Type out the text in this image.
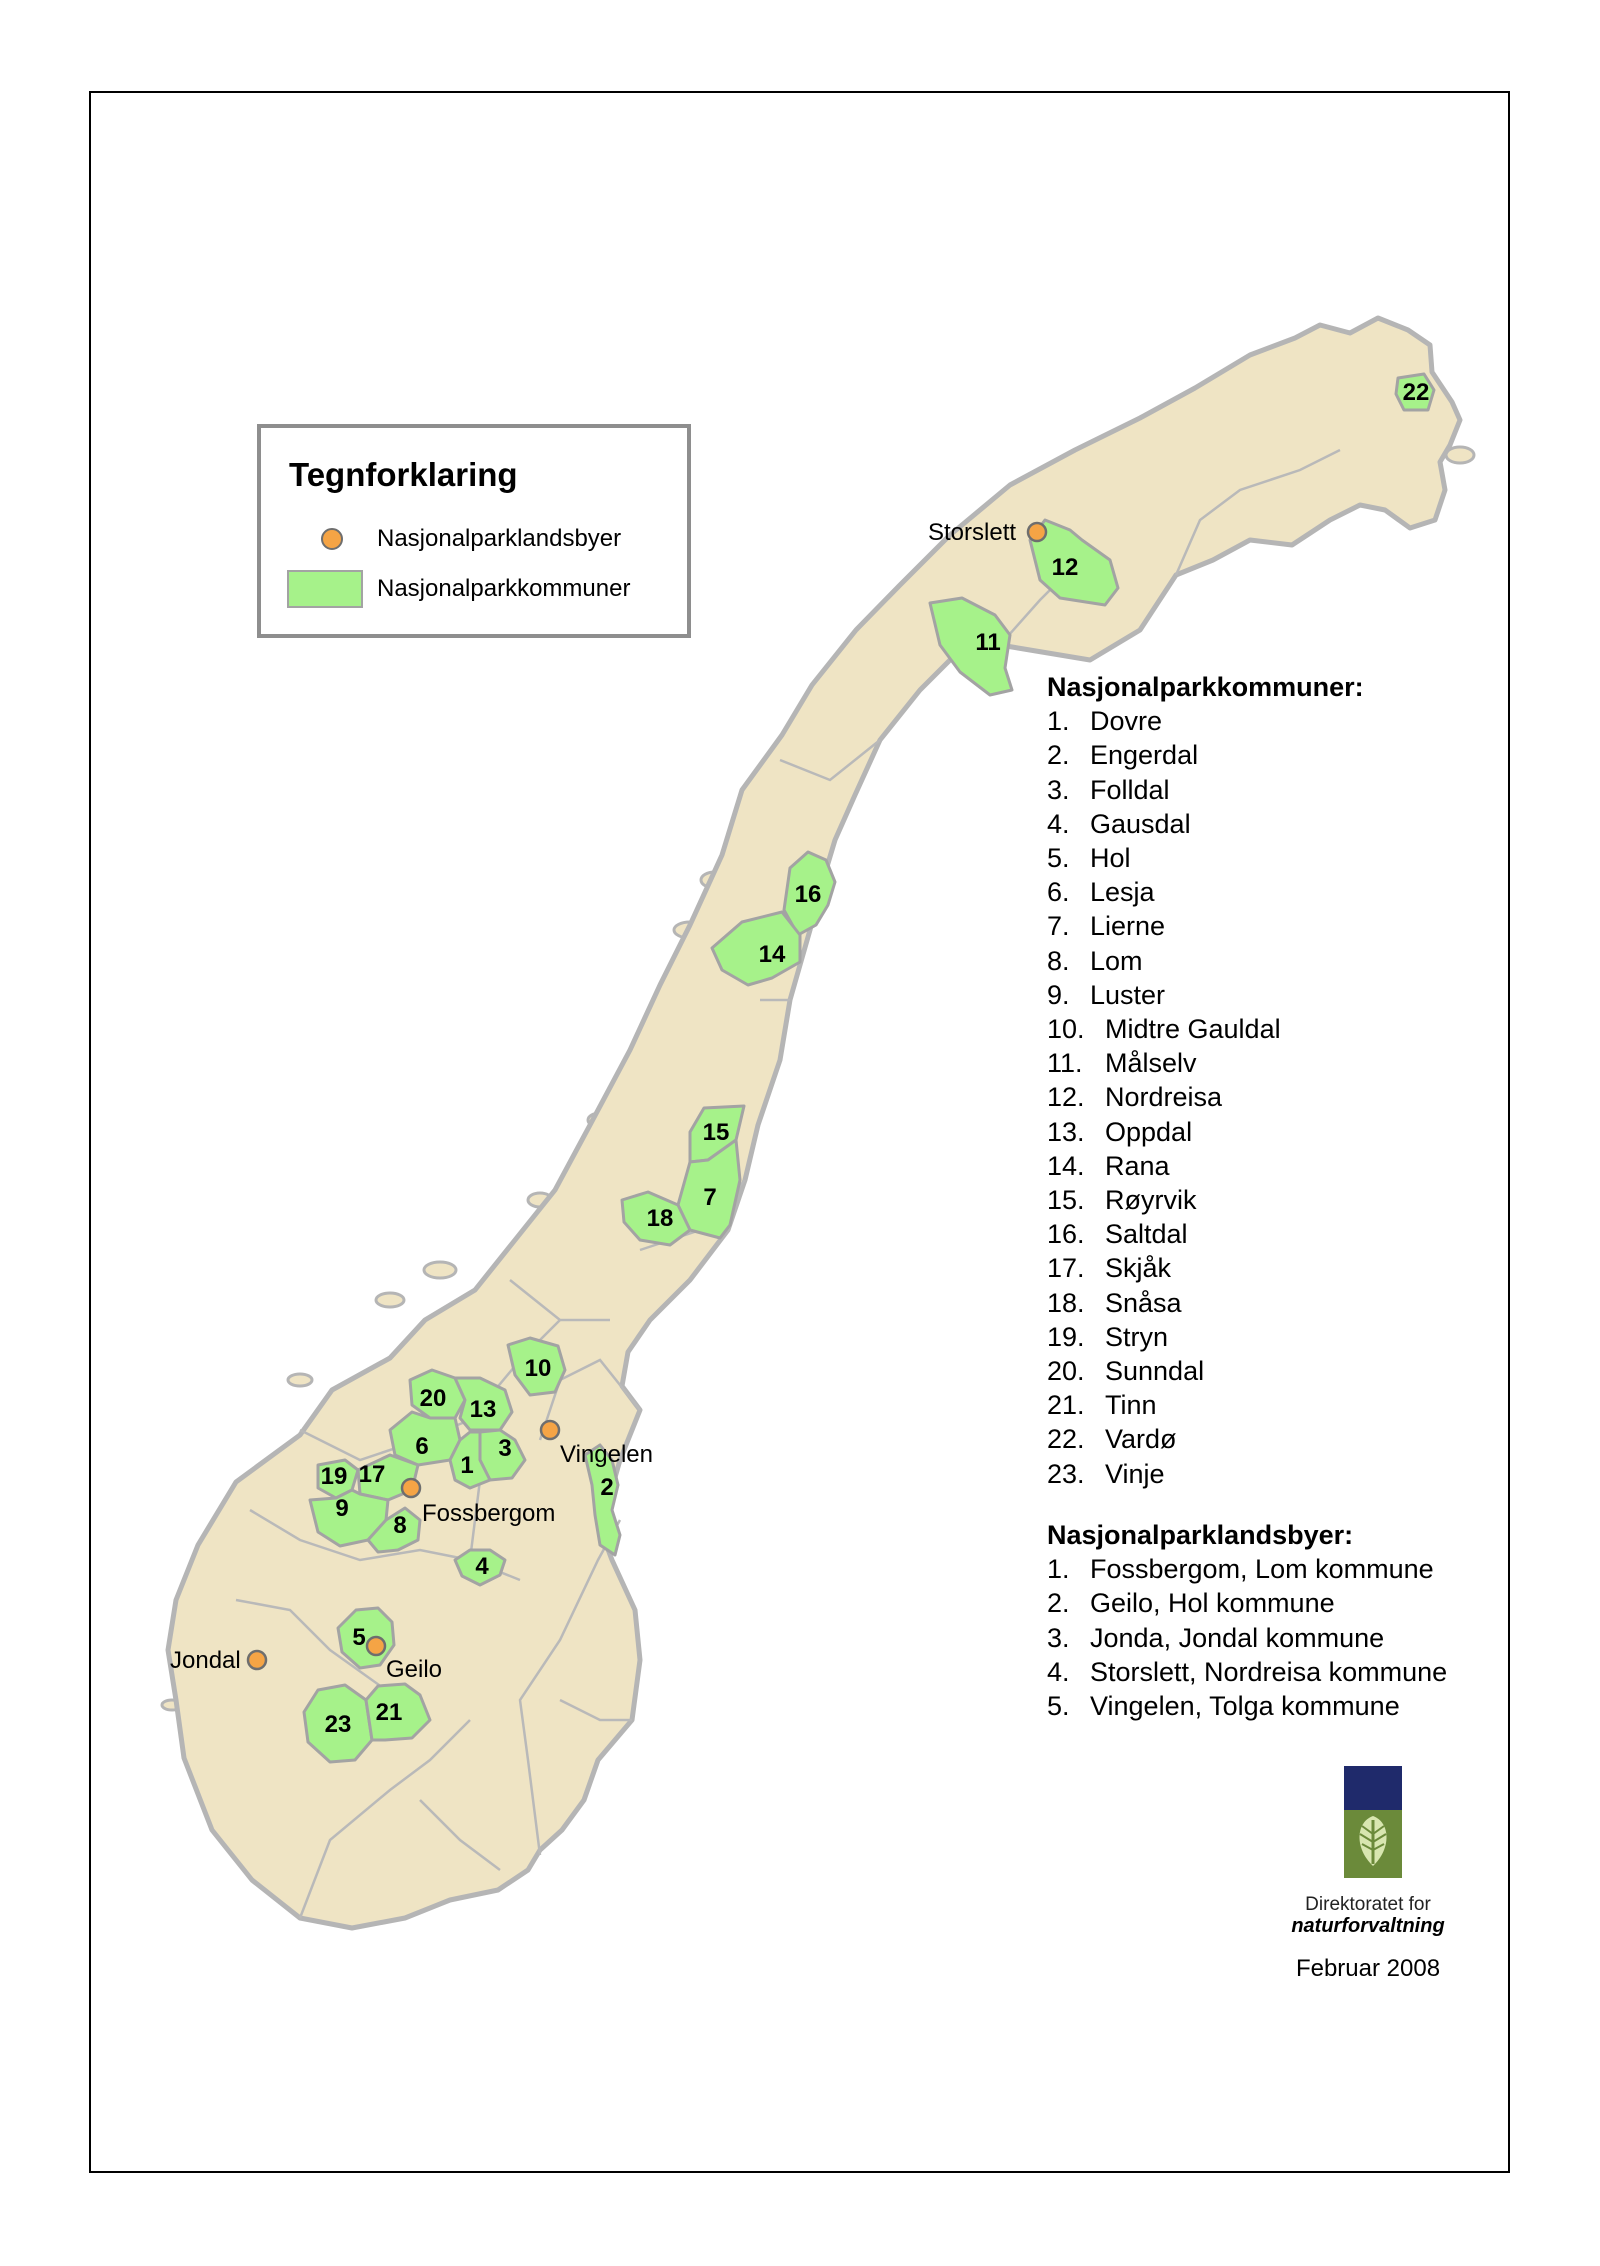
22
12
11
16
14
15
7
18
10
20 13
6	3
1
2
19 17
9
8
4
5
23 21
Storslett
Vingelen
Fossbergom
Geilo
Jondal
Tegnforklaring
Nasjonalparklandsbyer
Nasjonalparkkommuner
Nasjonalparkkommuner:
1. Dovre
2. Engerdal
3. Folldal
4. Gausdal
5. Hol
6. Lesja
7. Lierne
8. Lom
9. Luster
10. Midtre Gauldal
11. Målselv
12. Nordreisa
13. Oppdal
14. Rana
15. Røyrvik
16. Saltdal
17. Skjåk
18. Snåsa
19. Stryn
20. Sunndal
21. Tinn
22. Vardø
23. Vinje
Nasjonalparklandsbyer:
1. Fossbergom, Lom kommune
2. Geilo, Hol kommune
3. Jonda, Jondal kommune
4. Storslett, Nordreisa kommune
5. Vingelen, Tolga kommune
Direktoratet for
naturforvaltning
Februar 2008
